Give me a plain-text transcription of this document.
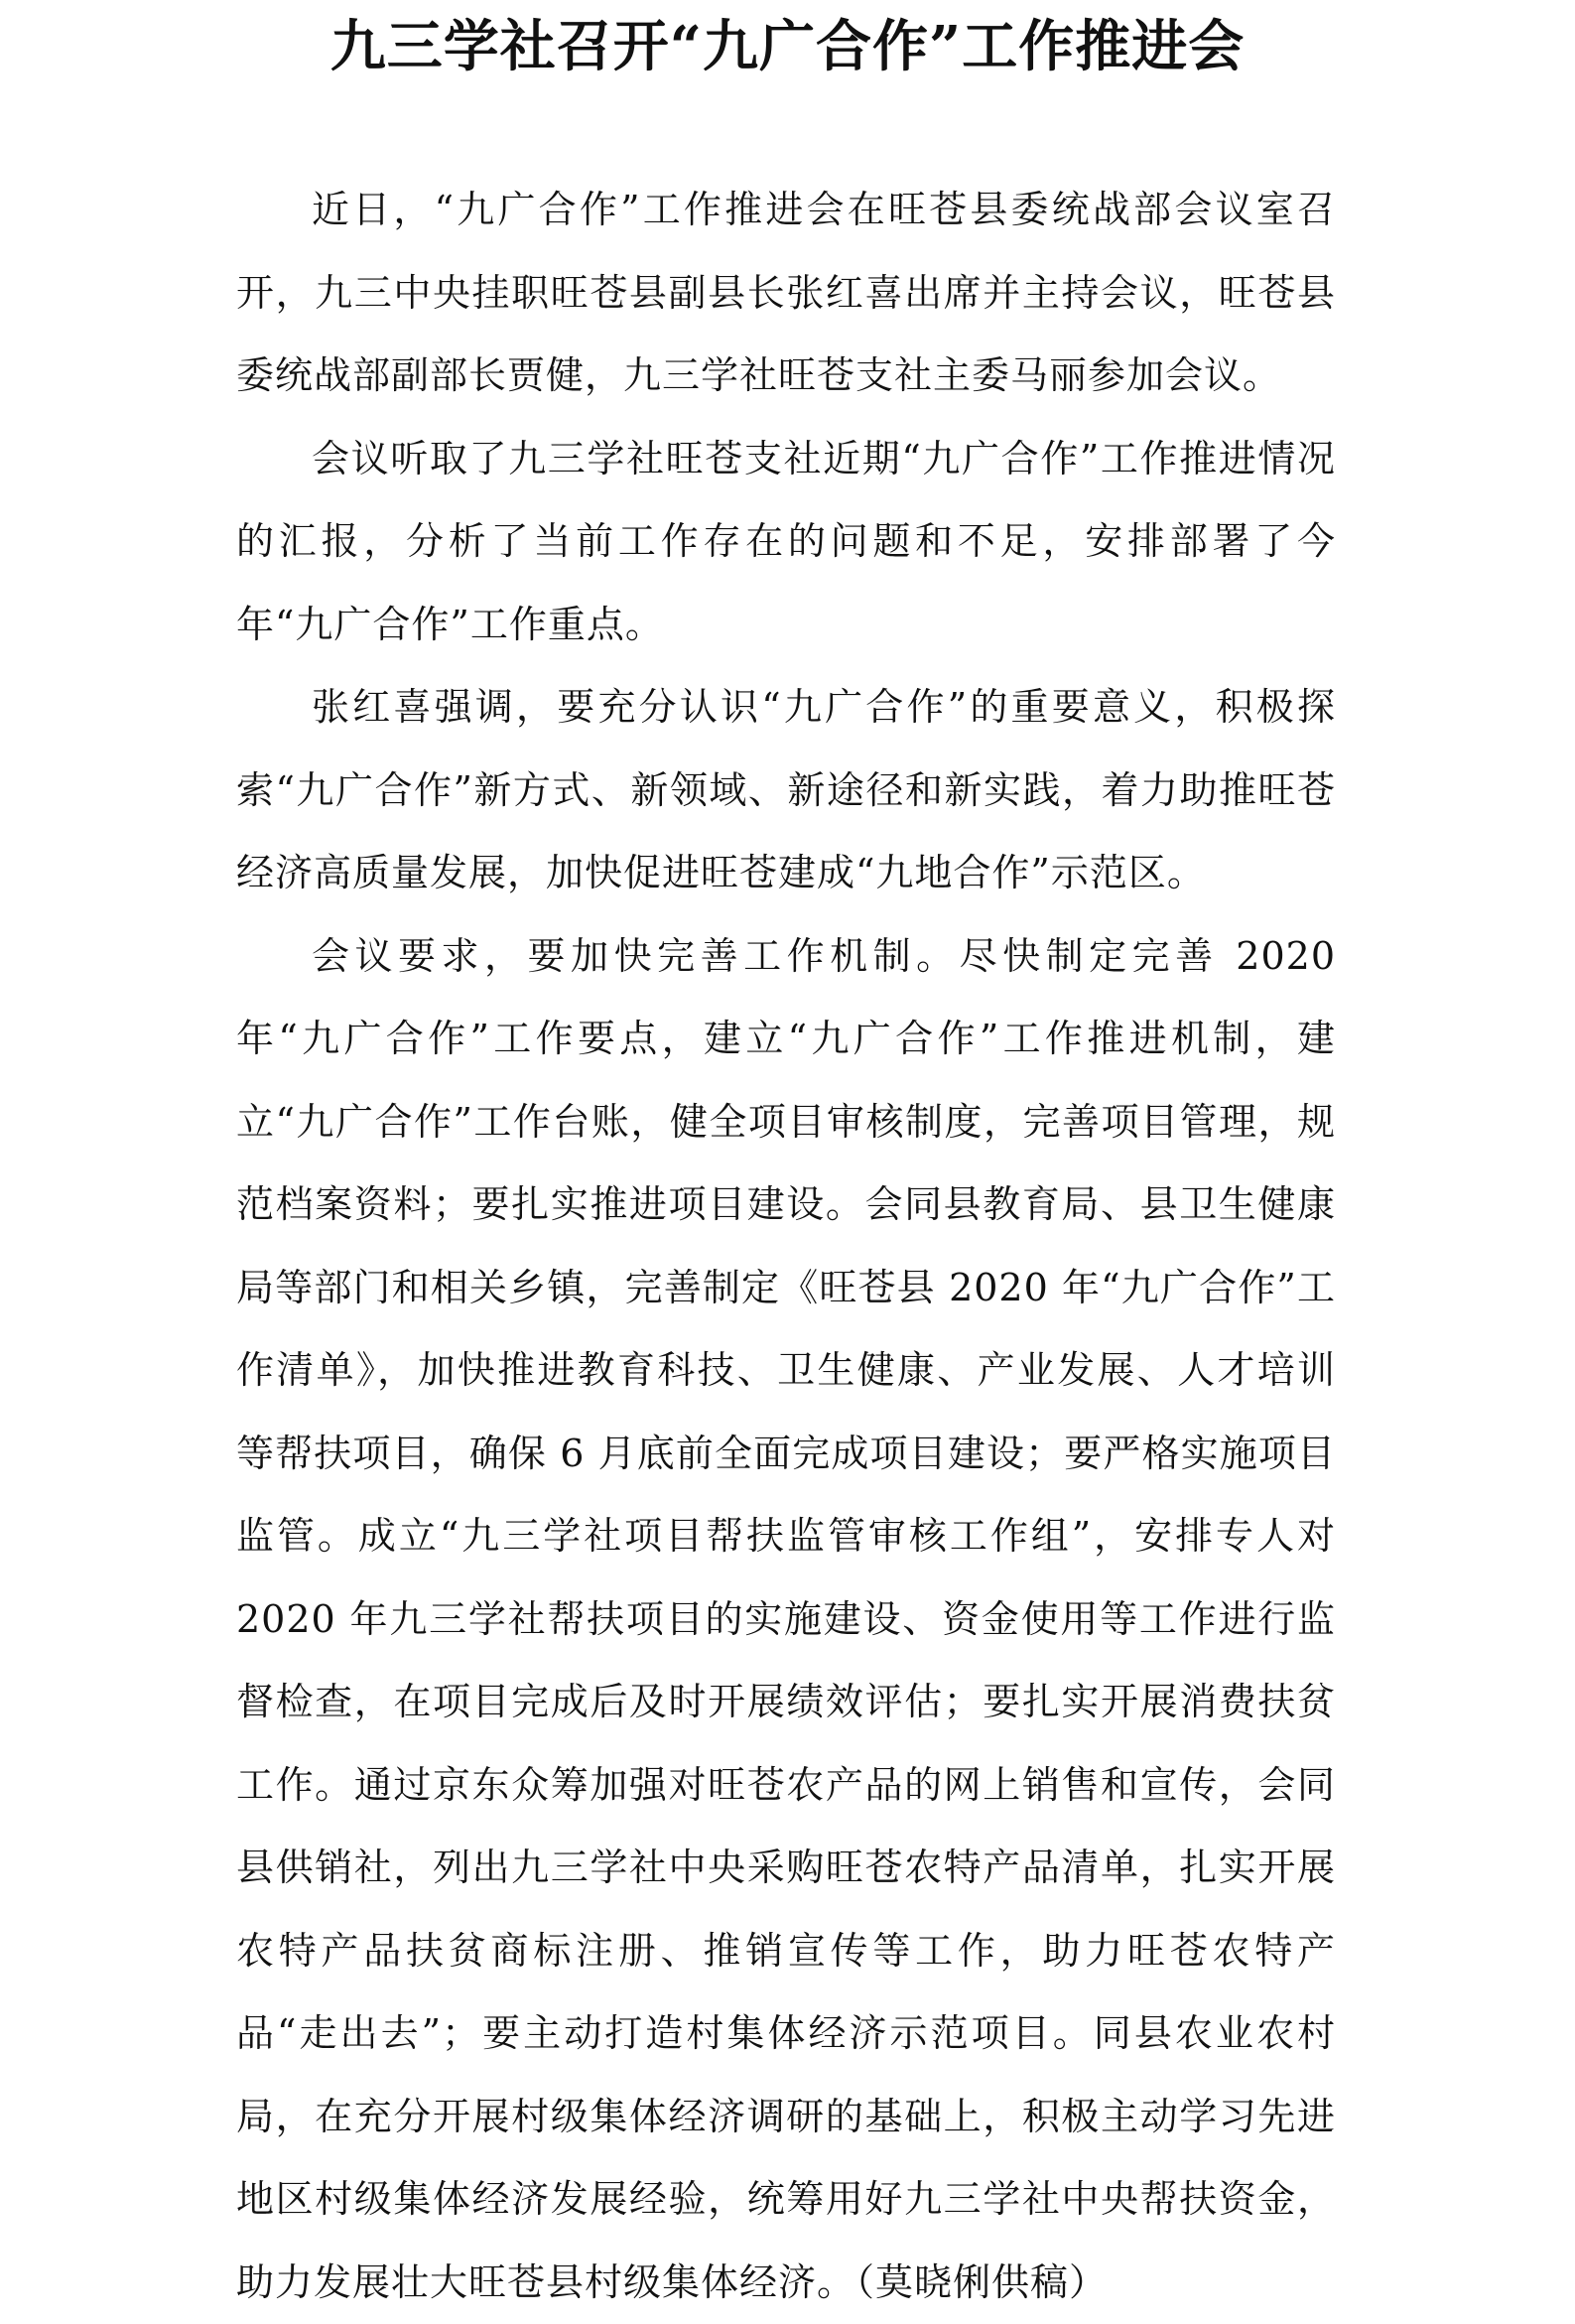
九三学社召开“九广合作”工作推进会

近日，“九广合作”工作推进会在旺苍县委统战部会议室召开，九三中央挂职旺苍县副县长张红喜出席并主持会议，旺苍县委统战部副部长贾健，九三学社旺苍支社主委马丽参加会议。

会议听取了九三学社旺苍支社近期“九广合作”工作推进情况的汇报，分析了当前工作存在的问题和不足，安排部署了今年“九广合作”工作重点。

张红喜强调，要充分认识“九广合作”的重要意义，积极探索“九广合作”新方式、新领域、新途径和新实践，着力助推旺苍经济高质量发展，加快促进旺苍建成“九地合作”示范区。

会议要求，要加快完善工作机制。尽快制定完善 2020 年“九广合作”工作要点，建立“九广合作”工作推进机制，建立“九广合作”工作台账，健全项目审核制度，完善项目管理，规范档案资料；要扎实推进项目建设。会同县教育局、县卫生健康局等部门和相关乡镇，完善制定《旺苍县 2020 年“九广合作”工作清单》，加快推进教育科技、卫生健康、产业发展、人才培训等帮扶项目，确保 6 月底前全面完成项目建设；要严格实施项目监管。成立“九三学社项目帮扶监管审核工作组”，安排专人对 2020 年九三学社帮扶项目的实施建设、资金使用等工作进行监督检查，在项目完成后及时开展绩效评估；要扎实开展消费扶贫工作。通过京东众筹加强对旺苍农产品的网上销售和宣传，会同县供销社，列出九三学社中央采购旺苍农特产品清单，扎实开展农特产品扶贫商标注册、推销宣传等工作，助力旺苍农特产品“走出去”；要主动打造村集体经济示范项目。同县农业农村局，在充分开展村级集体经济调研的基础上，积极主动学习先进地区村级集体经济发展经验，统筹用好九三学社中央帮扶资金，助力发展壮大旺苍县村级集体经济。（莫晓俐供稿）
